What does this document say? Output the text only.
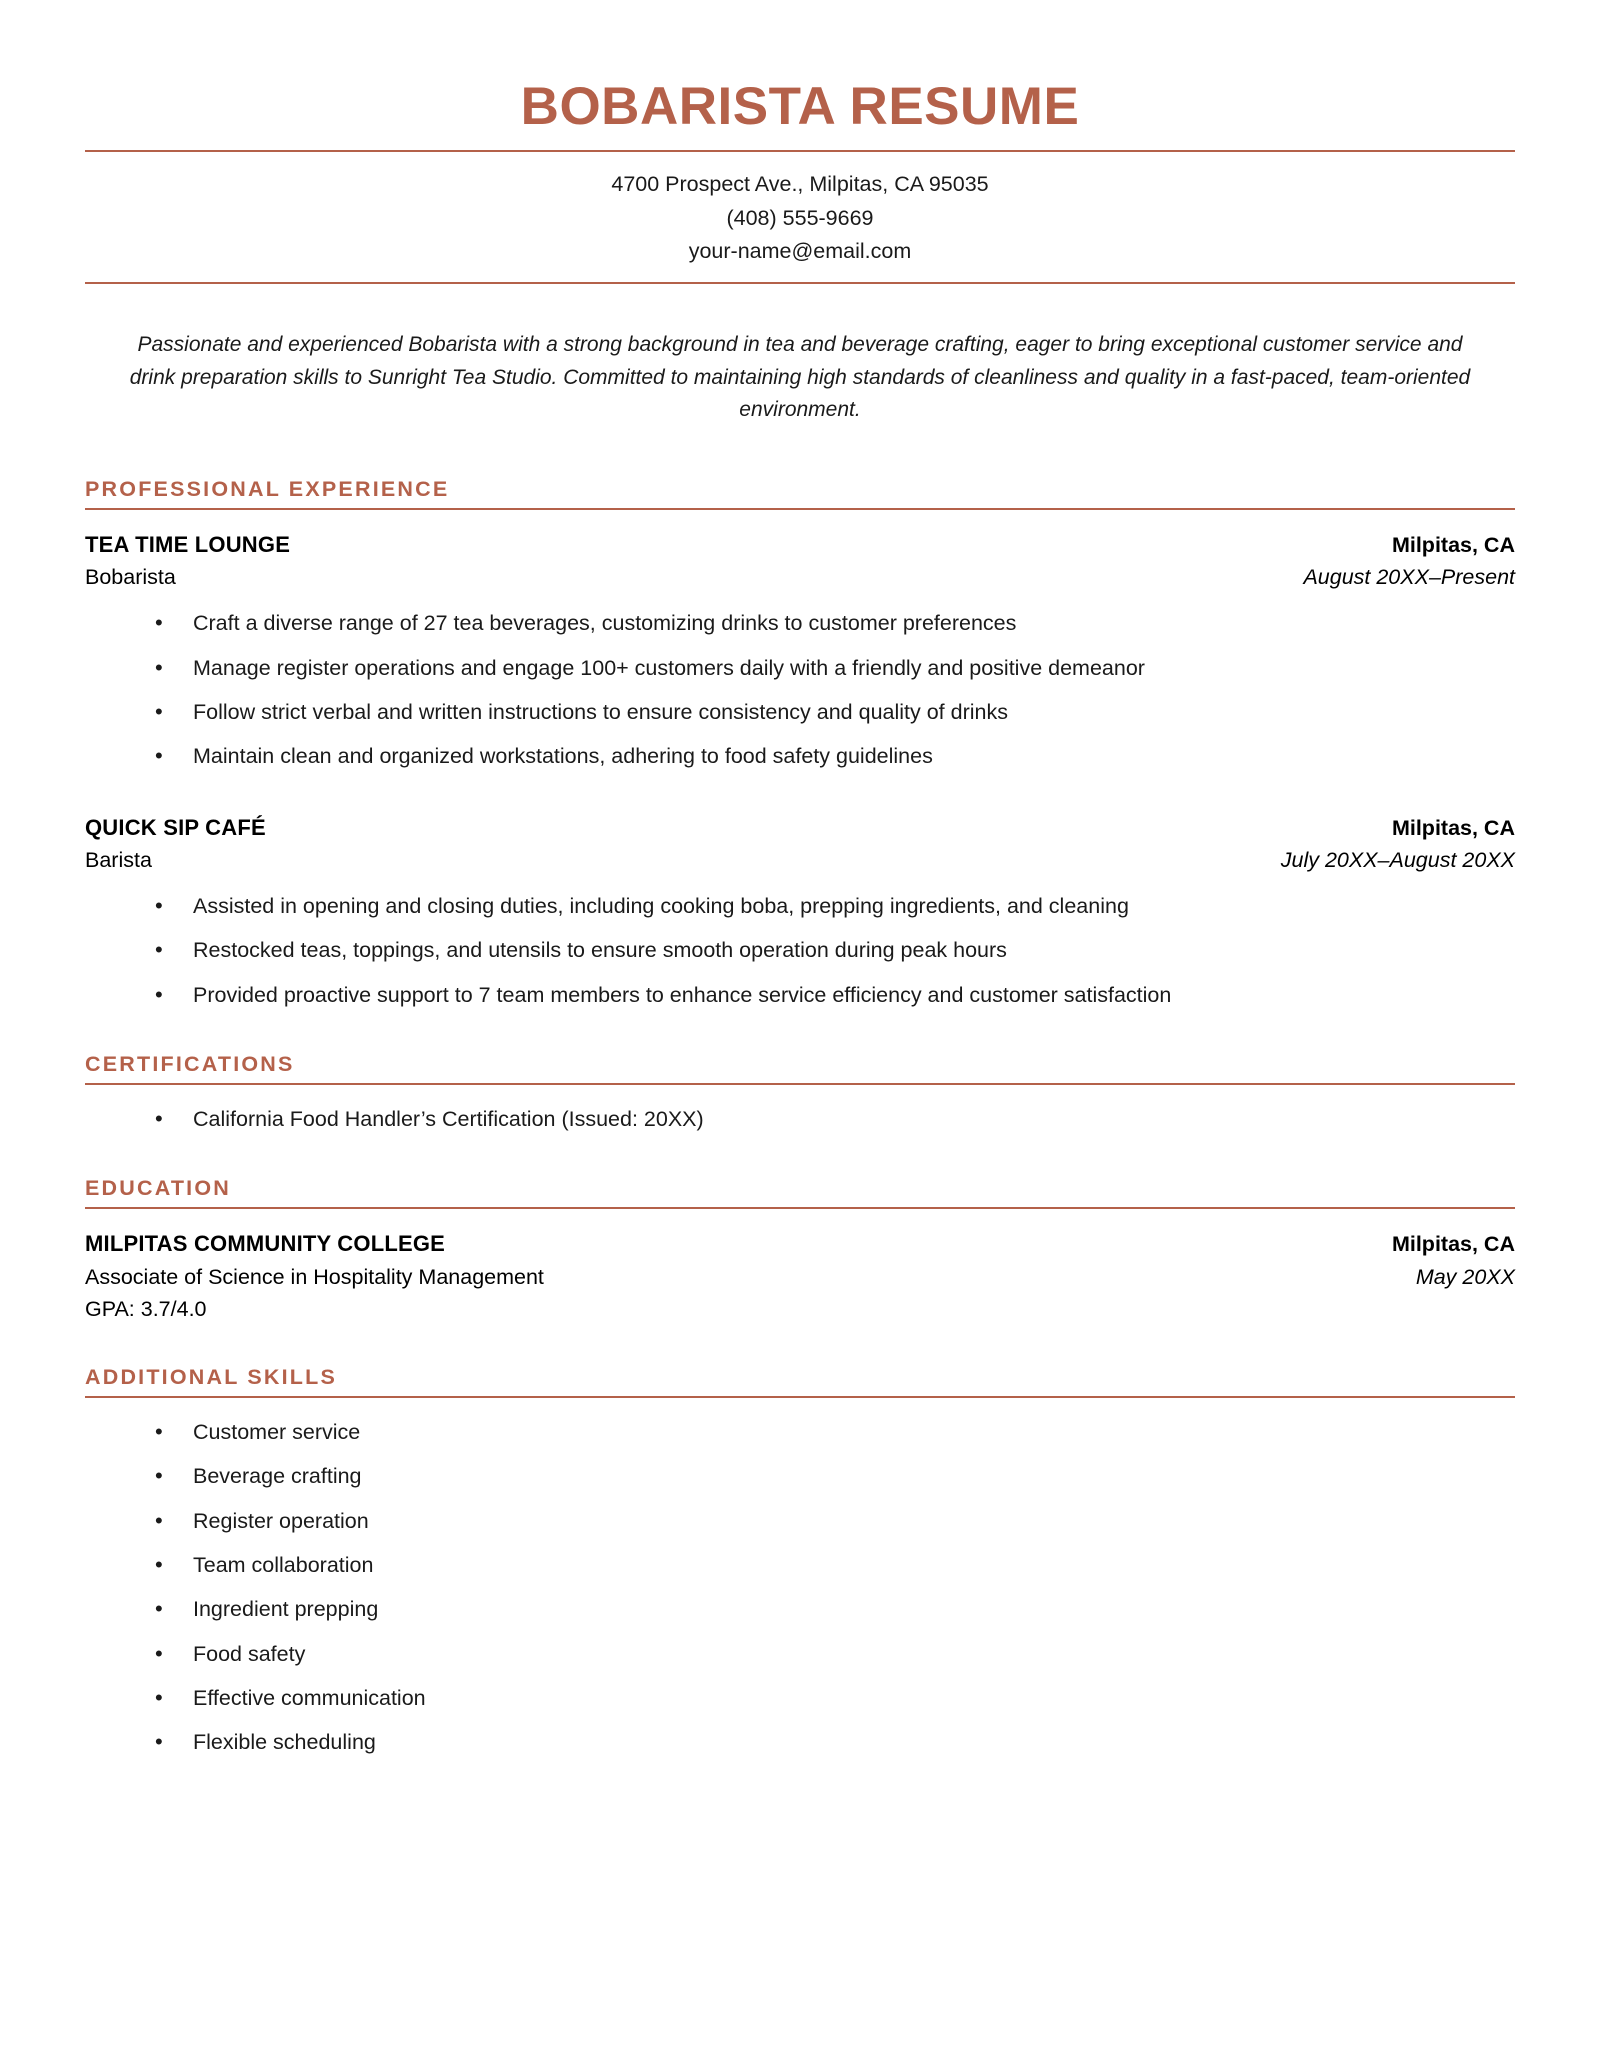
BOBARISTA RESUME
4700 Prospect Ave., Milpitas, CA 95035
(408) 555-9669
your-name@email.com

Passionate and experienced Bobarista with a strong background in tea and beverage crafting, eager to bring exceptional customer service and drink preparation skills to Sunright Tea Studio. Committed to maintaining high standards of cleanliness and quality in a fast-paced, team-oriented environment.

PROFESSIONAL EXPERIENCE
TEA TIME LOUNGE	Milpitas, CA
Bobarista	August 20XX–Present
• Craft a diverse range of 27 tea beverages, customizing drinks to customer preferences
• Manage register operations and engage 100+ customers daily with a friendly and positive demeanor
• Follow strict verbal and written instructions to ensure consistency and quality of drinks
• Maintain clean and organized workstations, adhering to food safety guidelines
QUICK SIP CAFÉ	Milpitas, CA
Barista	July 20XX–August 20XX
• Assisted in opening and closing duties, including cooking boba, prepping ingredients, and cleaning
• Restocked teas, toppings, and utensils to ensure smooth operation during peak hours
• Provided proactive support to 7 team members to enhance service efficiency and customer satisfaction
CERTIFICATIONS
• California Food Handler’s Certification (Issued: 20XX)
EDUCATION
MILPITAS COMMUNITY COLLEGE	Milpitas, CA
Associate of Science in Hospitality Management	May 20XX
GPA: 3.7/4.0
ADDITIONAL SKILLS
• Customer service
• Beverage crafting
• Register operation
• Team collaboration
• Ingredient prepping
• Food safety
• Effective communication
• Flexible scheduling
